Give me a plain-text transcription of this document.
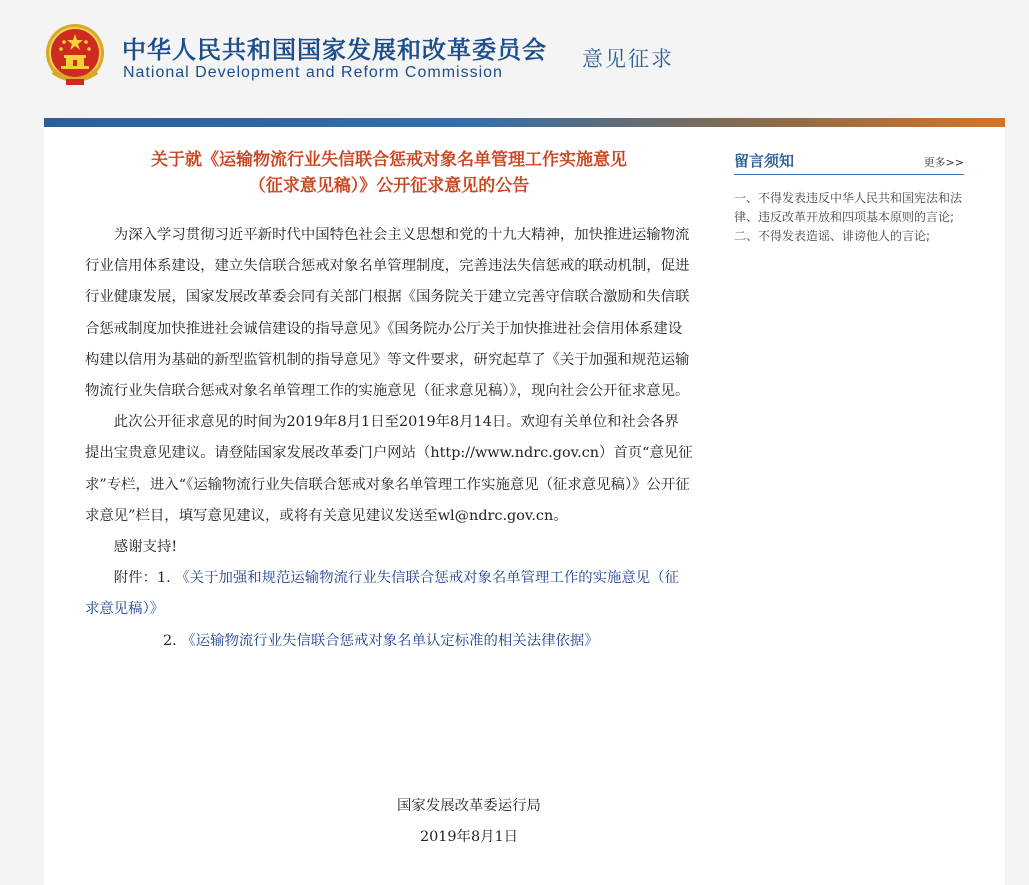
中华人民共和国国家发展和改革委员会
National Development and Reform Commission
意见征求
关于就《运输物流行业失信联合惩戒对象名单管理工作实施意见
（征求意见稿）》公开征求意见的公告

为深入学习贯彻习近平新时代中国特色社会主义思想和党的十九大精神，加快推进运输物流行业信用体系建设，建立失信联合惩戒对象名单管理制度，完善违法失信惩戒的联动机制，促进行业健康发展，国家发展改革委会同有关部门根据《国务院关于建立完善守信联合激励和失信联合惩戒制度加快推进社会诚信建设的指导意见》《国务院办公厅关于加快推进社会信用体系建设构建以信用为基础的新型监管机制的指导意见》等文件要求，研究起草了《关于加强和规范运输物流行业失信联合惩戒对象名单管理工作的实施意见（征求意见稿）》，现向社会公开征求意见。

此次公开征求意见的时间为2019年8月1日至2019年8月14日。欢迎有关单位和社会各界提出宝贵意见建议。请登陆国家发展改革委门户网站（http://www.ndrc.gov.cn）首页“意见征求”专栏，进入“《运输物流行业失信联合惩戒对象名单管理工作实施意见（征求意见稿）》公开征求意见”栏目，填写意见建议，或将有关意见建议发送至wl@ndrc.gov.cn。

感谢支持!

附件：1. 《关于加强和规范运输物流行业失信联合惩戒对象名单管理工作的实施意见（征求意见稿）》

2. 《运输物流行业失信联合惩戒对象名单认定标准的相关法律依据》

国家发展改革委运行局
2019年8月1日
留言须知	更多>>
一、不得发表违反中华人民共和国宪法和法律、违反改革开放和四项基本原则的言论;
二、不得发表造谣、诽谤他人的言论;
